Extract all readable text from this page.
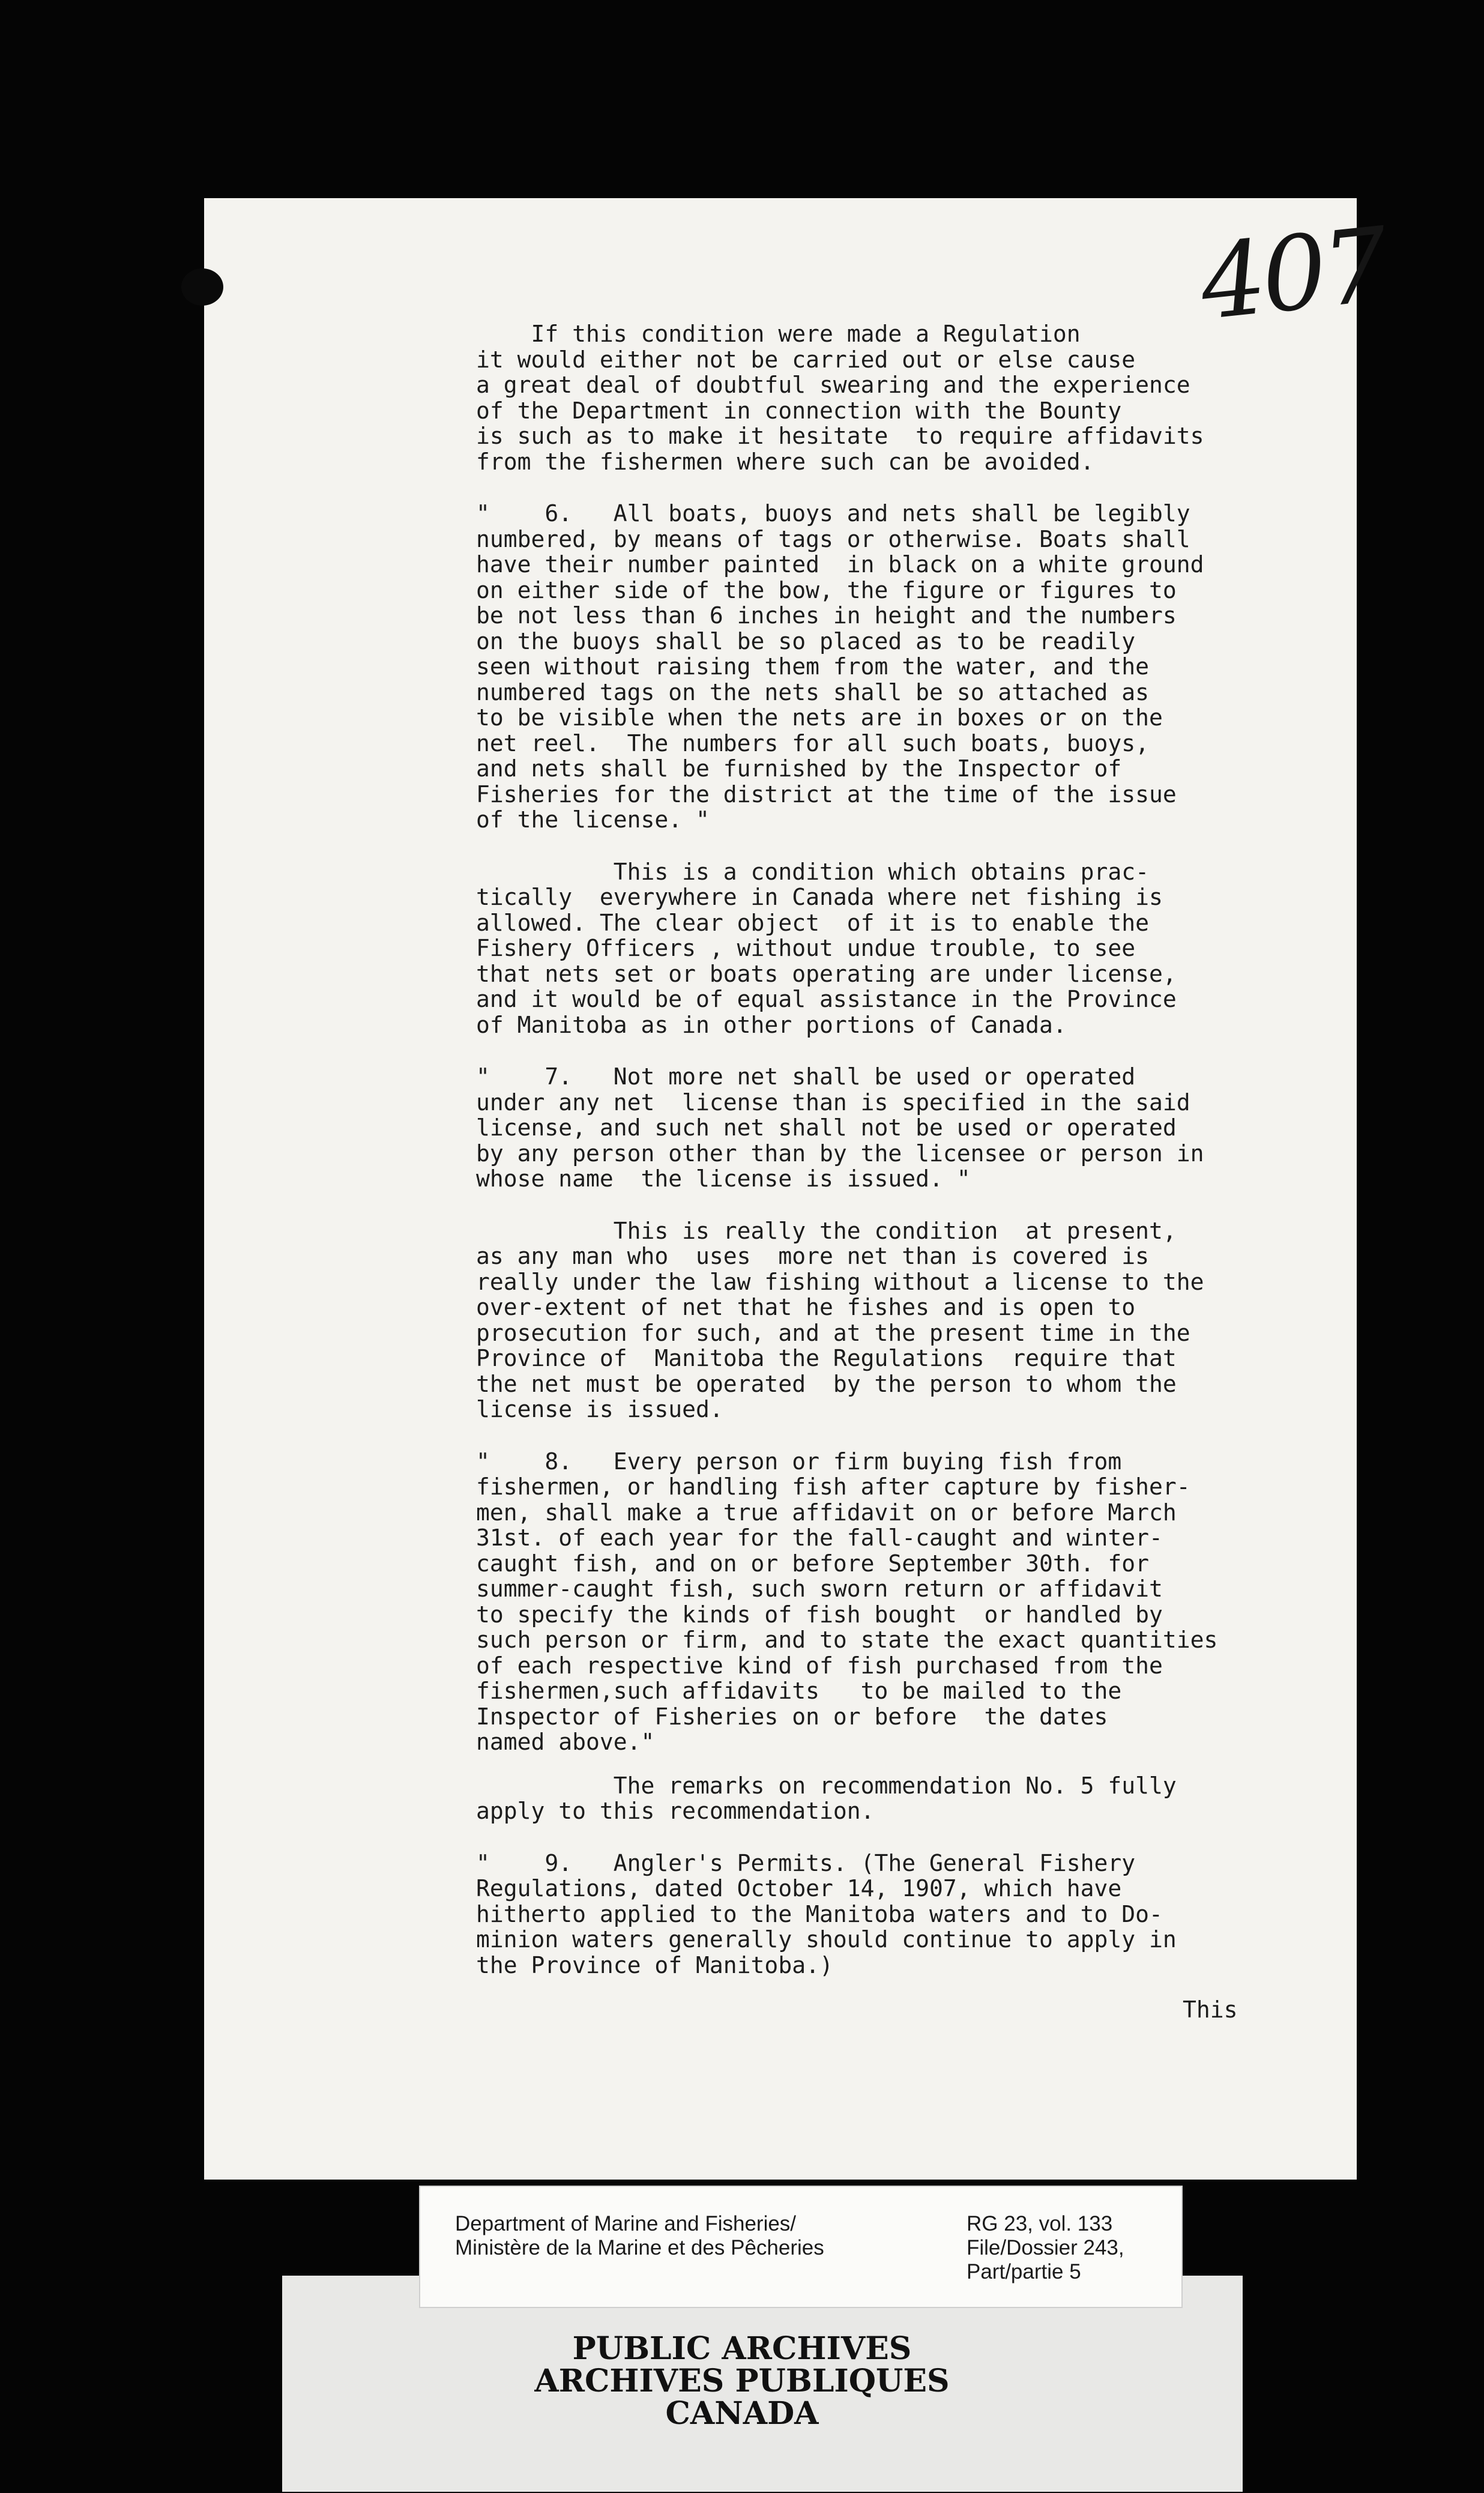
407

If this condition were made a Regulation
it would either not be carried out or else cause
a great deal of doubtful swearing and the experience
of the Department in connection with the Bounty
is such as to make it hesitate  to require affidavits
from the fishermen where such can be avoided.

"    6.   All boats, buoys and nets shall be legibly
numbered, by means of tags or otherwise. Boats shall
have their number painted  in black on a white ground
on either side of the bow, the figure or figures to
be not less than 6 inches in height and the numbers
on the buoys shall be so placed as to be readily
seen without raising them from the water, and the
numbered tags on the nets shall be so attached as
to be visible when the nets are in boxes or on the
net reel.  The numbers for all such boats, buoys,
and nets shall be furnished by the Inspector of
Fisheries for the district at the time of the issue
of the license. "

This is a condition which obtains prac-
tically  everywhere in Canada where net fishing is
allowed. The clear object  of it is to enable the
Fishery Officers , without undue trouble, to see
that nets set or boats operating are under license,
and it would be of equal assistance in the Province
of Manitoba as in other portions of Canada.

"    7.   Not more net shall be used or operated
under any net  license than is specified in the said
license, and such net shall not be used or operated
by any person other than by the licensee or person in
whose name  the license is issued. "

This is really the condition  at present,
as any man who  uses  more net than is covered is
really under the law fishing without a license to the
over-extent of net that he fishes and is open to
prosecution for such, and at the present time in the
Province of  Manitoba the Regulations  require that
the net must be operated  by the person to whom the
license is issued.

"    8.   Every person or firm buying fish from
fishermen, or handling fish after capture by fisher-
men, shall make a true affidavit on or before March
31st. of each year for the fall-caught and winter-
caught fish, and on or before September 30th. for
summer-caught fish, such sworn return or affidavit
to specify the kinds of fish bought  or handled by
such person or firm, and to state the exact quantities
of each respective kind of fish purchased from the
fishermen,such affidavits   to be mailed to the
Inspector of Fisheries on or before  the dates
named above."

The remarks on recommendation No. 5 fully
apply to this recommendation.

"    9.   Angler's Permits. (The General Fishery
Regulations, dated October 14, 1907, which have
hitherto applied to the Manitoba waters and to Do-
minion waters generally should continue to apply in
the Province of Manitoba.)

This
Department of Marine and Fisheries/
Ministère de la Marine et des Pêcheries
RG 23, vol. 133
File/Dossier 243,
Part/partie 5
PUBLIC ARCHIVES
ARCHIVES PUBLIQUES
CANADA
